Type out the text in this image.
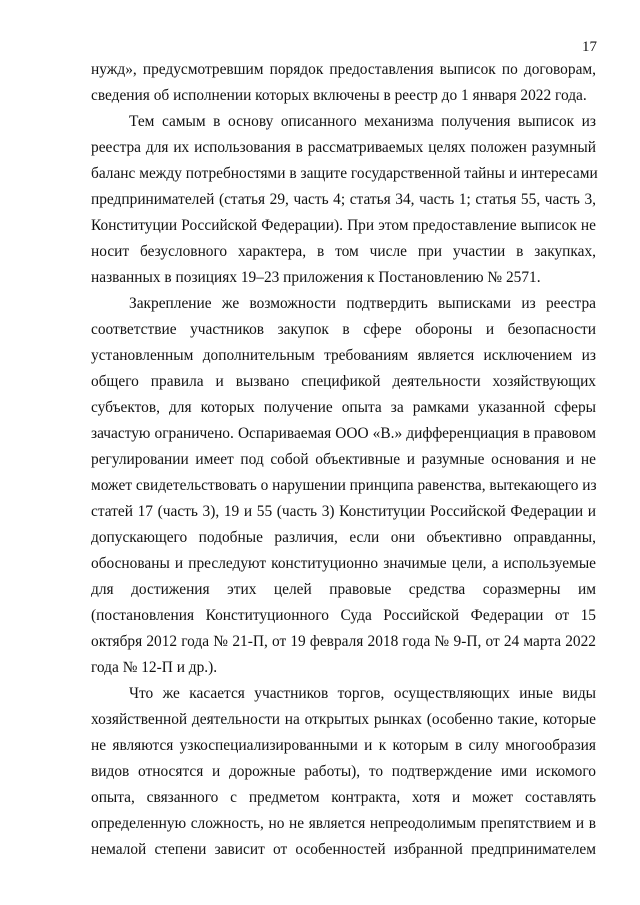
17
нужд», предусмотревшим порядок предоставления выписок по договорам,
сведения об исполнении которых включены в реестр до 1 января 2022 года.
Тем самым в основу описанного механизма получения выписок из
реестра для их использования в рассматриваемых целях положен разумный
баланс между потребностями в защите государственной тайны и интересами
предпринимателей (статья 29, часть 4; статья 34, часть 1; статья 55, часть 3,
Конституции Российской Федерации). При этом предоставление выписок не
носит безусловного характера, в том числе при участии в закупках,
названных в позициях 19–23 приложения к Постановлению № 2571.
Закрепление же возможности подтвердить выписками из реестра
соответствие участников закупок в сфере обороны и безопасности
установленным дополнительным требованиям является исключением из
общего правила и вызвано спецификой деятельности хозяйствующих
субъектов, для которых получение опыта за рамками указанной сферы
зачастую ограничено. Оспариваемая ООО «В.» дифференциация в правовом
регулировании имеет под собой объективные и разумные основания и не
может свидетельствовать о нарушении принципа равенства, вытекающего из
статей 17 (часть 3), 19 и 55 (часть 3) Конституции Российской Федерации и
допускающего подобные различия, если они объективно оправданны,
обоснованы и преследуют конституционно значимые цели, а используемые
для достижения этих целей правовые средства соразмерны им
(постановления Конституционного Суда Российской Федерации от 15
октября 2012 года № 21-П, от 19 февраля 2018 года № 9-П, от 24 марта 2022
года № 12-П и др.).
Что же касается участников торгов, осуществляющих иные виды
хозяйственной деятельности на открытых рынках (особенно такие, которые
не являются узкоспециализированными и к которым в силу многообразия
видов относятся и дорожные работы), то подтверждение ими искомого
опыта, связанного с предметом контракта, хотя и может составлять
определенную сложность, но не является непреодолимым препятствием и в
немалой степени зависит от особенностей избранной предпринимателем
